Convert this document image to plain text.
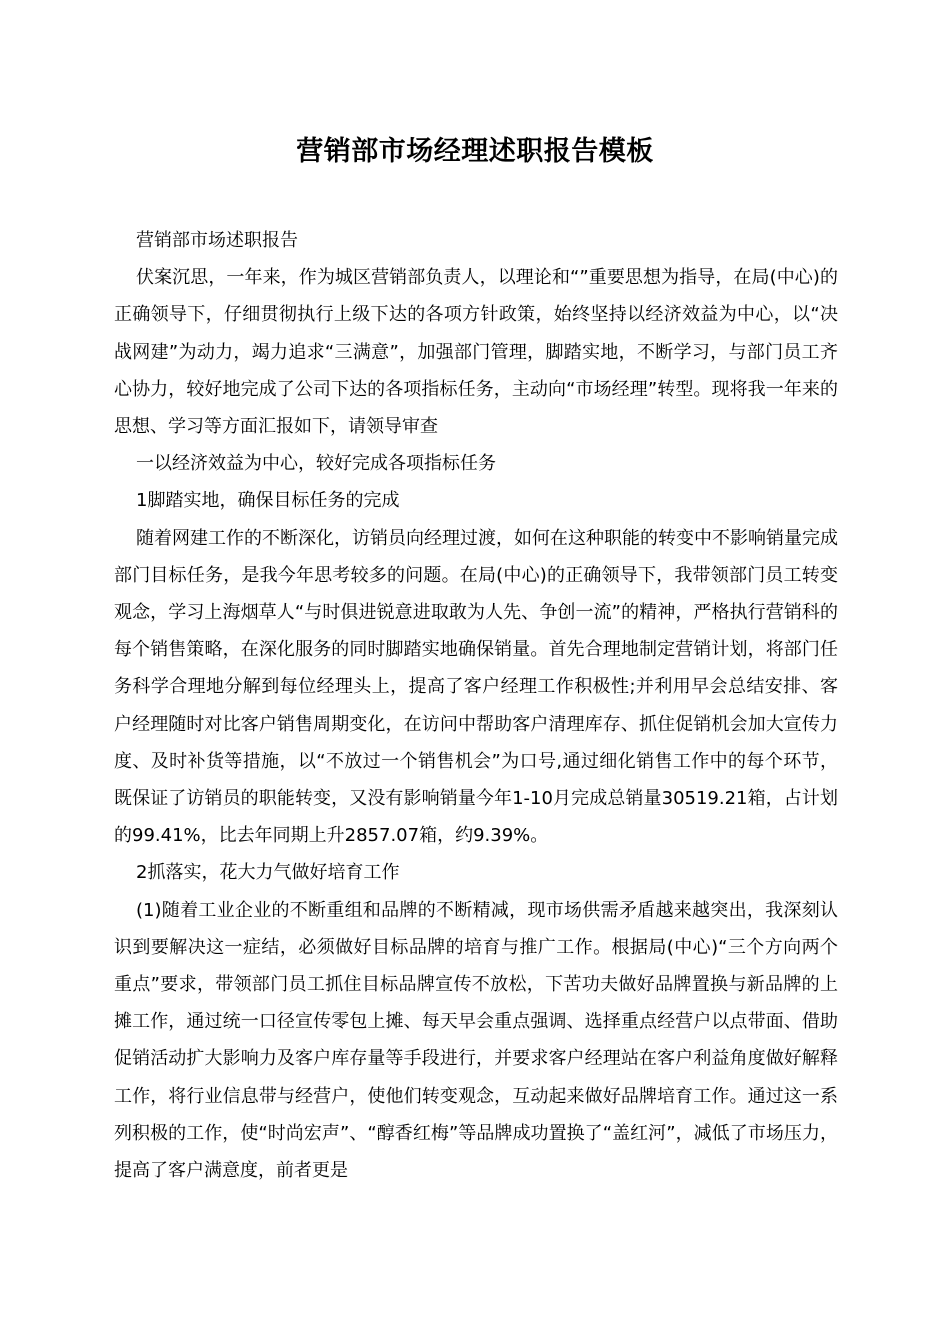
营销部市场经理述职报告模板

营销部市场述职报告

伏案沉思，一年来，作为城区营销部负责人，以理论和“”重要思想为指导，在局(中心)的正确领导下，仔细贯彻执行上级下达的各项方针政策，始终坚持以经济效益为中心，以“决战网建”为动力，竭力追求“三满意”，加强部门管理，脚踏实地，不断学习，与部门员工齐心协力，较好地完成了公司下达的各项指标任务，主动向“市场经理”转型。现将我一年来的思想、学习等方面汇报如下，请领导审查

一以经济效益为中心，较好完成各项指标任务

1脚踏实地，确保目标任务的完成

随着网建工作的不断深化，访销员向经理过渡，如何在这种职能的转变中不影响销量完成部门目标任务，是我今年思考较多的问题。在局(中心)的正确领导下，我带领部门员工转变观念，学习上海烟草人“与时俱进锐意进取敢为人先、争创一流”的精神，严格执行营销科的每个销售策略，在深化服务的同时脚踏实地确保销量。首先合理地制定营销计划，将部门任务科学合理地分解到每位经理头上，提高了客户经理工作积极性;并利用早会总结安排、客户经理随时对比客户销售周期变化，在访问中帮助客户清理库存、抓住促销机会加大宣传力度、及时补货等措施，以“不放过一个销售机会”为口号,通过细化销售工作中的每个环节，既保证了访销员的职能转变，又没有影响销量今年1-10月完成总销量30519.21箱，占计划的99.41%，比去年同期上升2857.07箱，约9.39%。

2抓落实，花大力气做好培育工作

(1)随着工业企业的不断重组和品牌的不断精减，现市场供需矛盾越来越突出，我深刻认识到要解决这一症结，必须做好目标品牌的培育与推广工作。根据局(中心)“三个方向两个重点”要求，带领部门员工抓住目标品牌宣传不放松，下苦功夫做好品牌置换与新品牌的上摊工作，通过统一口径宣传零包上摊、每天早会重点强调、选择重点经营户以点带面、借助促销活动扩大影响力及客户库存量等手段进行，并要求客户经理站在客户利益角度做好解释工作，将行业信息带与经营户，使他们转变观念，互动起来做好品牌培育工作。通过这一系列积极的工作，使“时尚宏声”、“醇香红梅”等品牌成功置换了“盖红河”，减低了市场压力，提高了客户满意度，前者更是
